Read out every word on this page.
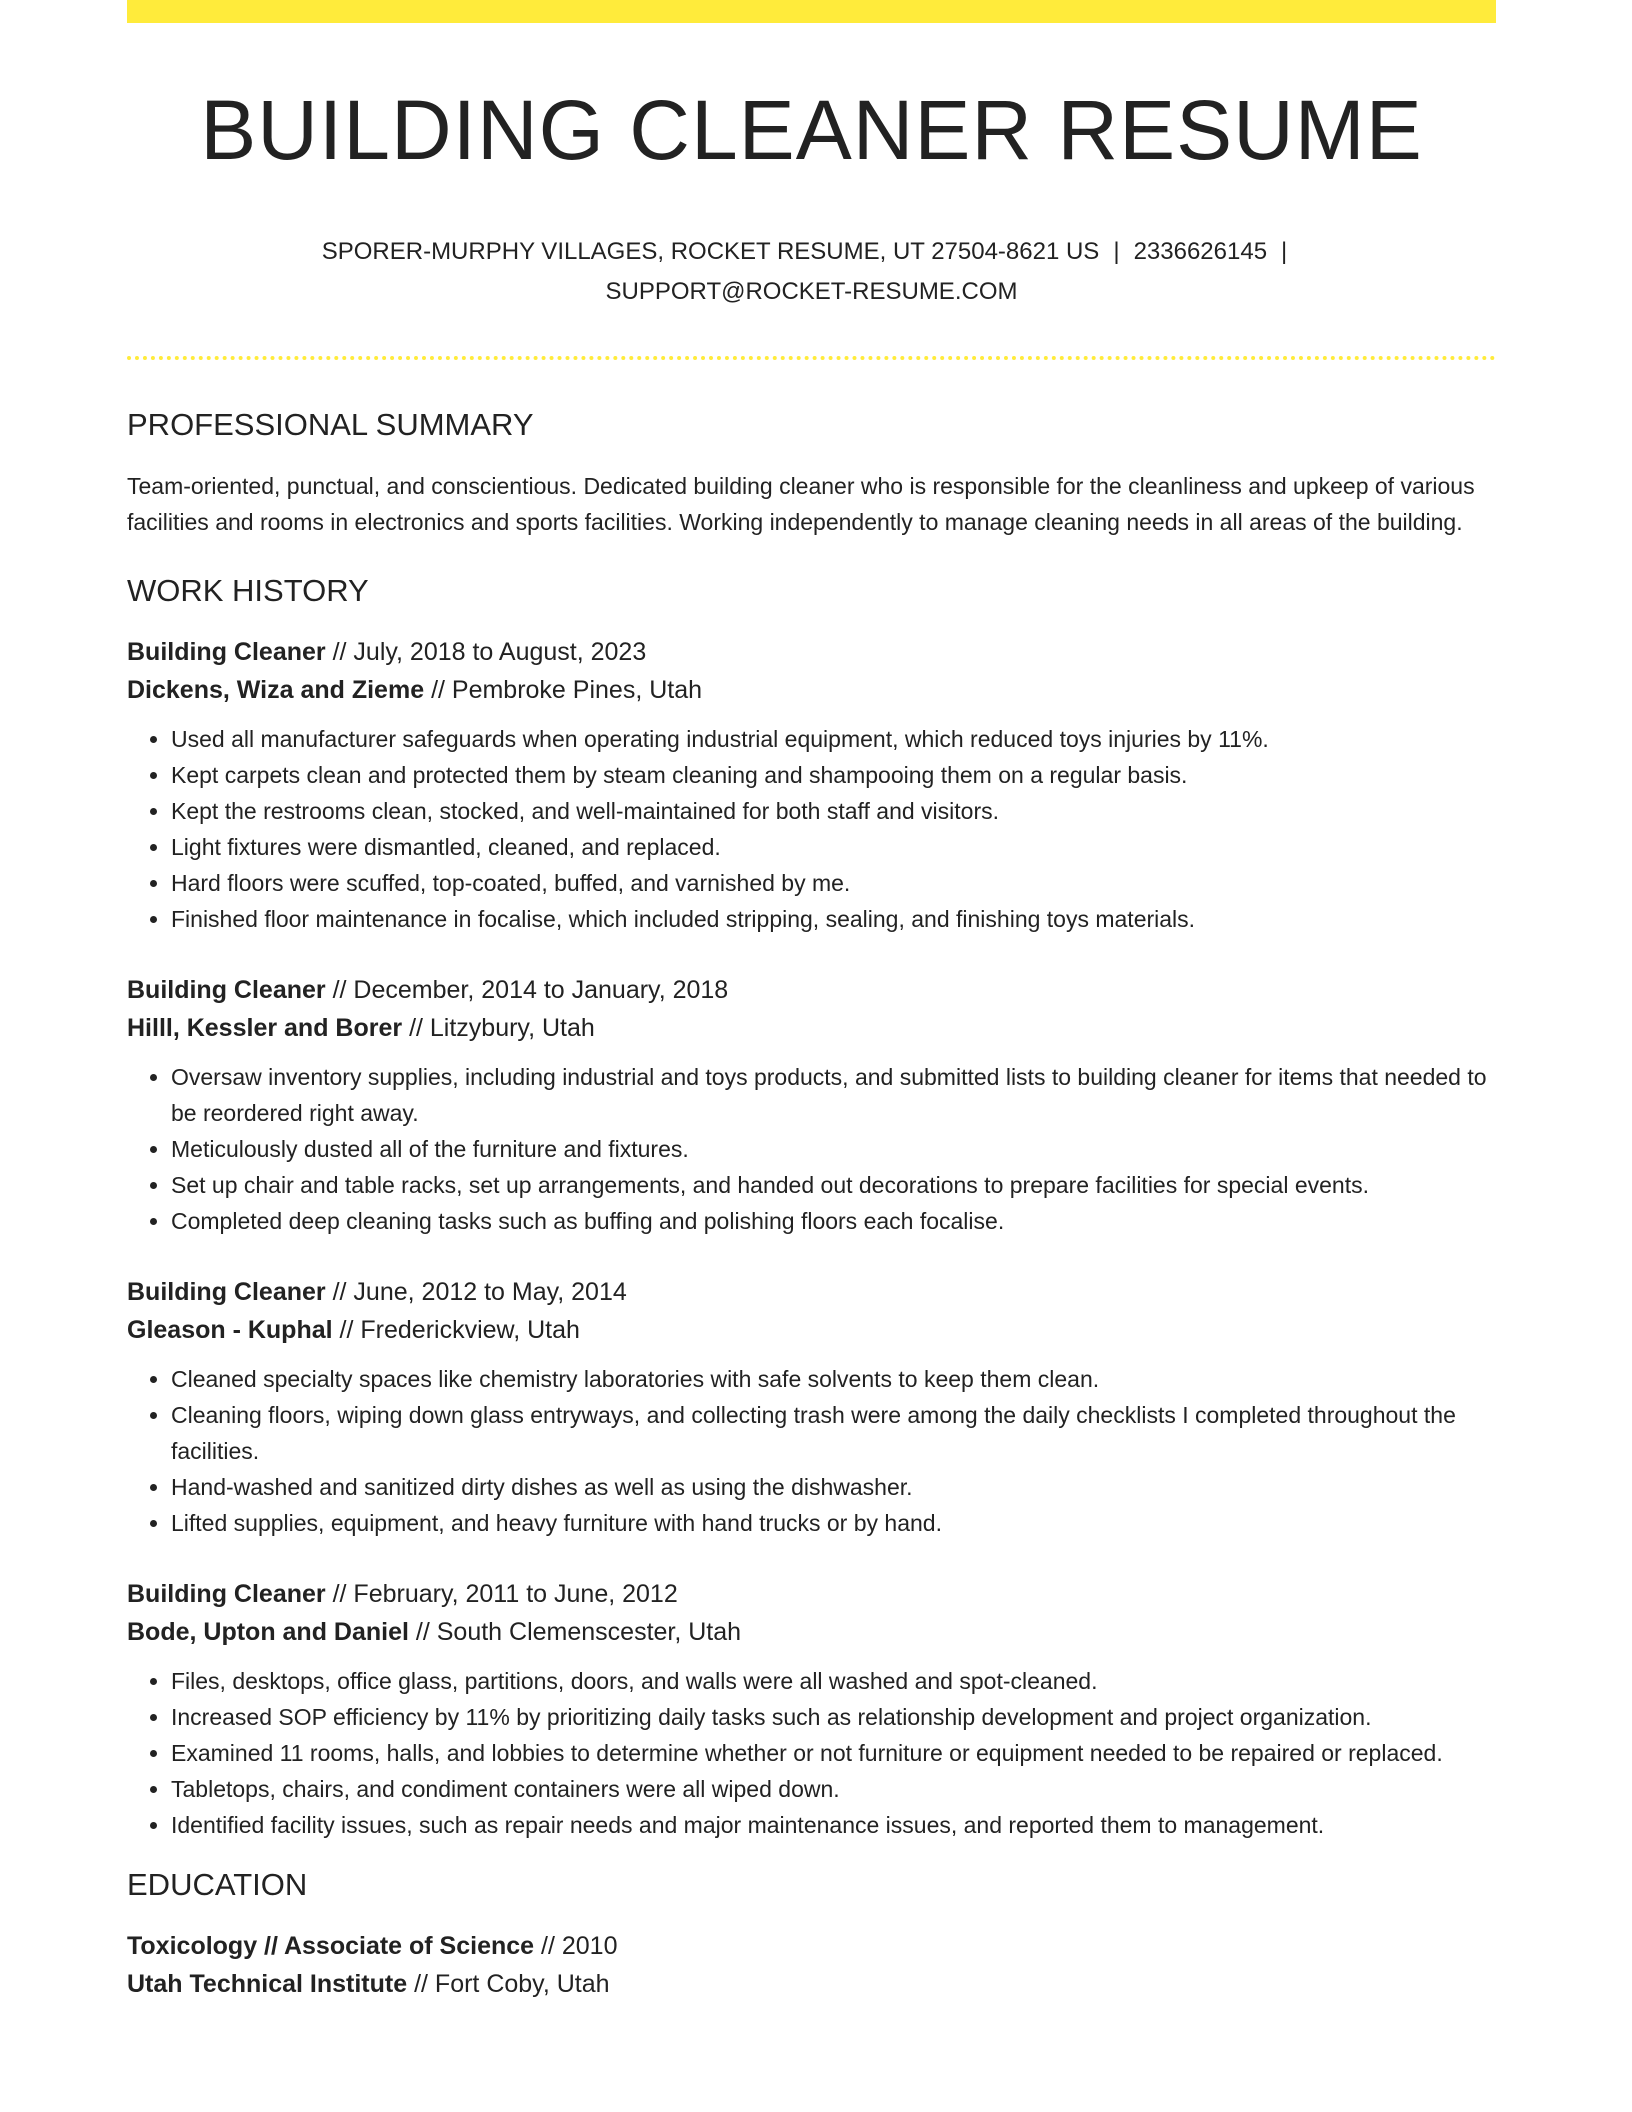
BUILDING CLEANER RESUME
SPORER-MURPHY VILLAGES, ROCKET RESUME, UT 27504-8621 US | 2336626145 |
SUPPORT@ROCKET-RESUME.COM
PROFESSIONAL SUMMARY
Team-oriented, punctual, and conscientious. Dedicated building cleaner who is responsible for the cleanliness and upkeep of various facilities and rooms in electronics and sports facilities. Working independently to manage cleaning needs in all areas of the building.
WORK HISTORY
Building Cleaner // July, 2018 to August, 2023
Dickens, Wiza and Zieme // Pembroke Pines, Utah
• Used all manufacturer safeguards when operating industrial equipment, which reduced toys injuries by 11%.
• Kept carpets clean and protected them by steam cleaning and shampooing them on a regular basis.
• Kept the restrooms clean, stocked, and well-maintained for both staff and visitors.
• Light fixtures were dismantled, cleaned, and replaced.
• Hard floors were scuffed, top-coated, buffed, and varnished by me.
• Finished floor maintenance in focalise, which included stripping, sealing, and finishing toys materials.
Building Cleaner // December, 2014 to January, 2018
Hilll, Kessler and Borer // Litzybury, Utah
• Oversaw inventory supplies, including industrial and toys products, and submitted lists to building cleaner for items that needed to be reordered right away.
• Meticulously dusted all of the furniture and fixtures.
• Set up chair and table racks, set up arrangements, and handed out decorations to prepare facilities for special events.
• Completed deep cleaning tasks such as buffing and polishing floors each focalise.
Building Cleaner // June, 2012 to May, 2014
Gleason - Kuphal // Frederickview, Utah
• Cleaned specialty spaces like chemistry laboratories with safe solvents to keep them clean.
• Cleaning floors, wiping down glass entryways, and collecting trash were among the daily checklists I completed throughout the facilities.
• Hand-washed and sanitized dirty dishes as well as using the dishwasher.
• Lifted supplies, equipment, and heavy furniture with hand trucks or by hand.
Building Cleaner // February, 2011 to June, 2012
Bode, Upton and Daniel // South Clemenscester, Utah
• Files, desktops, office glass, partitions, doors, and walls were all washed and spot-cleaned.
• Increased SOP efficiency by 11% by prioritizing daily tasks such as relationship development and project organization.
• Examined 11 rooms, halls, and lobbies to determine whether or not furniture or equipment needed to be repaired or replaced.
• Tabletops, chairs, and condiment containers were all wiped down.
• Identified facility issues, such as repair needs and major maintenance issues, and reported them to management.
EDUCATION
Toxicology // Associate of Science // 2010
Utah Technical Institute // Fort Coby, Utah
